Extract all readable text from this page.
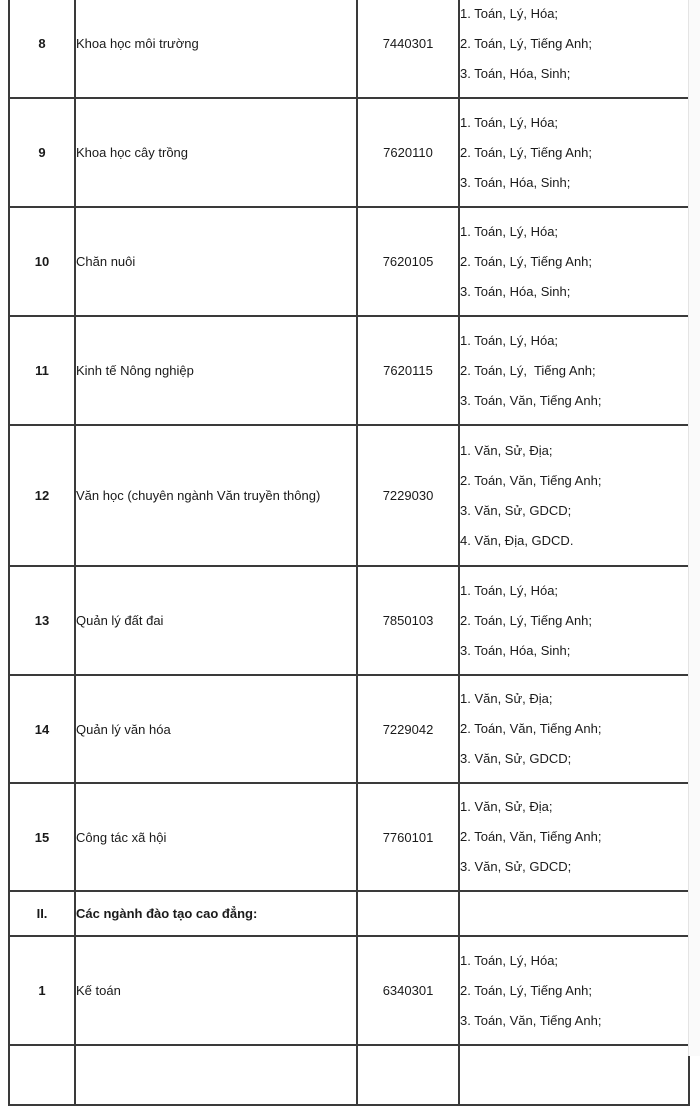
8	Khoa học môi trường	7440301	1. Toán, Lý, Hóa;
2. Toán, Lý, Tiếng Anh;
3. Toán, Hóa, Sinh;

9	Khoa học cây trồng	7620110	1. Toán, Lý, Hóa;
2. Toán, Lý, Tiếng Anh;
3. Toán, Hóa, Sinh;

10	Chăn nuôi	7620105	1. Toán, Lý, Hóa;
2. Toán, Lý, Tiếng Anh;
3. Toán, Hóa, Sinh;

11	Kinh tế Nông nghiệp	7620115	1. Toán, Lý, Hóa;
2. Toán, Lý,  Tiếng Anh;
3. Toán, Văn, Tiếng Anh;

12	Văn học (chuyên ngành Văn truyền thông)	7229030	1. Văn, Sử, Địa;
2. Toán, Văn, Tiếng Anh;
3. Văn, Sử, GDCD;
4. Văn, Địa, GDCD.

13	Quản lý đất đai	7850103	1. Toán, Lý, Hóa;
2. Toán, Lý, Tiếng Anh;
3. Toán, Hóa, Sinh;

14	Quản lý văn hóa	7229042	1. Văn, Sử, Địa;
2. Toán, Văn, Tiếng Anh;
3. Văn, Sử, GDCD;

15	Công tác xã hội	7760101	1. Văn, Sử, Địa;
2. Toán, Văn, Tiếng Anh;
3. Văn, Sử, GDCD;

II.	Các ngành đào tạo cao đẳng:		
1	Kế toán	6340301	1. Toán, Lý, Hóa;
2. Toán, Lý, Tiếng Anh;
3. Toán, Văn, Tiếng Anh;
